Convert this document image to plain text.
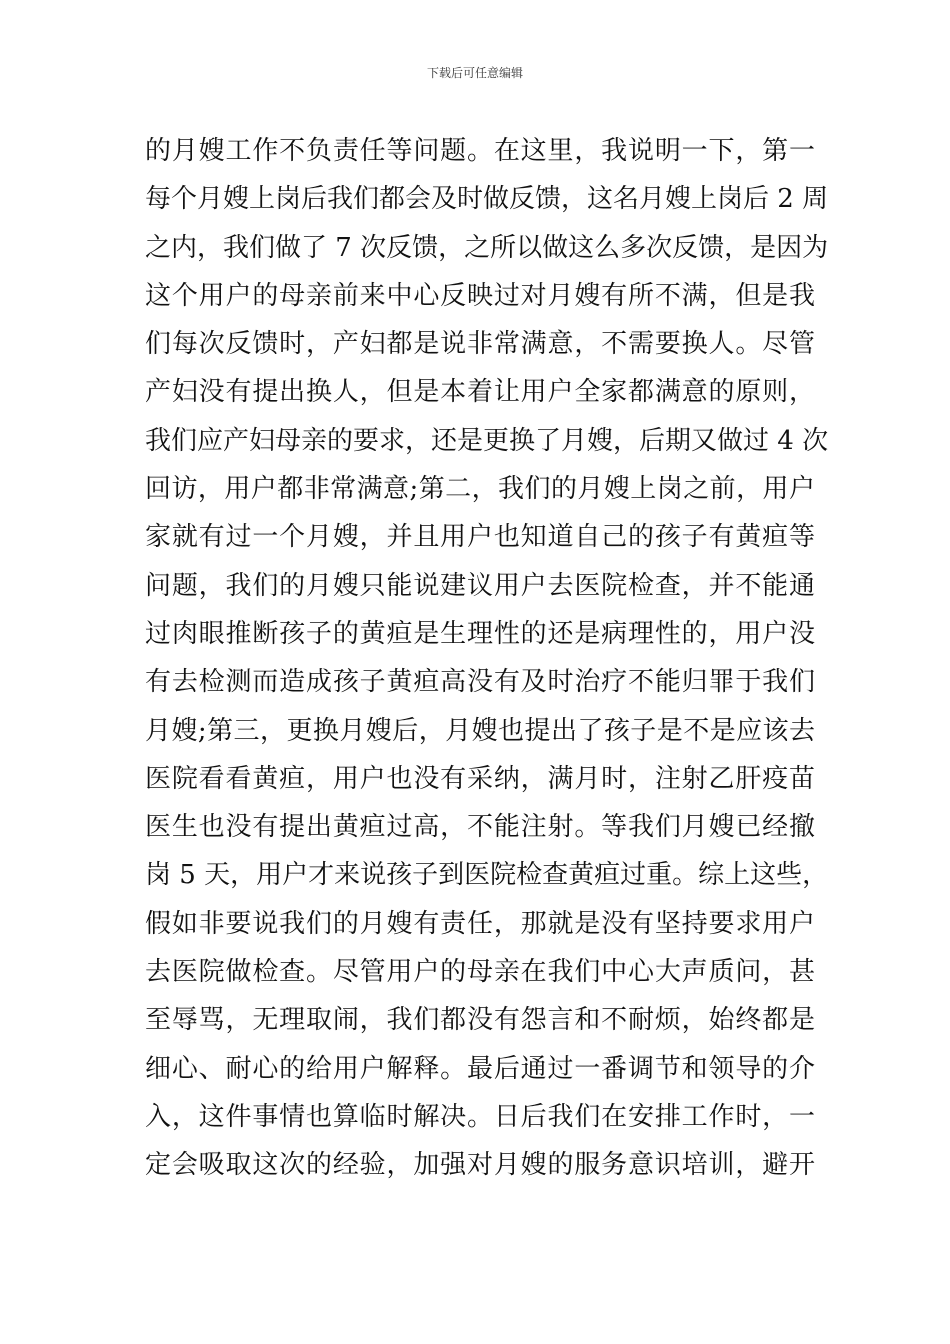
下载后可任意编辑
的月嫂工作不负责任等问题。在这里，我说明一下，第一
每个月嫂上岗后我们都会及时做反馈，这名月嫂上岗后 2 周
之内，我们做了 7 次反馈，之所以做这么多次反馈，是因为
这个用户的母亲前来中心反映过对月嫂有所不满，但是我
们每次反馈时，产妇都是说非常满意，不需要换人。尽管
产妇没有提出换人，但是本着让用户全家都满意的原则，
我们应产妇母亲的要求，还是更换了月嫂，后期又做过 4 次
回访，用户都非常满意;第二，我们的月嫂上岗之前，用户
家就有过一个月嫂，并且用户也知道自己的孩子有黄疸等
问题，我们的月嫂只能说建议用户去医院检查，并不能通
过肉眼推断孩子的黄疸是生理性的还是病理性的，用户没
有去检测而造成孩子黄疸高没有及时治疗不能归罪于我们
月嫂;第三，更换月嫂后，月嫂也提出了孩子是不是应该去
医院看看黄疸，用户也没有采纳，满月时，注射乙肝疫苗
医生也没有提出黄疸过高，不能注射。等我们月嫂已经撤
岗 5 天，用户才来说孩子到医院检查黄疸过重。综上这些，
假如非要说我们的月嫂有责任，那就是没有坚持要求用户
去医院做检查。尽管用户的母亲在我们中心大声质问，甚
至辱骂，无理取闹，我们都没有怨言和不耐烦，始终都是
细心、耐心的给用户解释。最后通过一番调节和领导的介
入，这件事情也算临时解决。日后我们在安排工作时，一
定会吸取这次的经验，加强对月嫂的服务意识培训，避开
